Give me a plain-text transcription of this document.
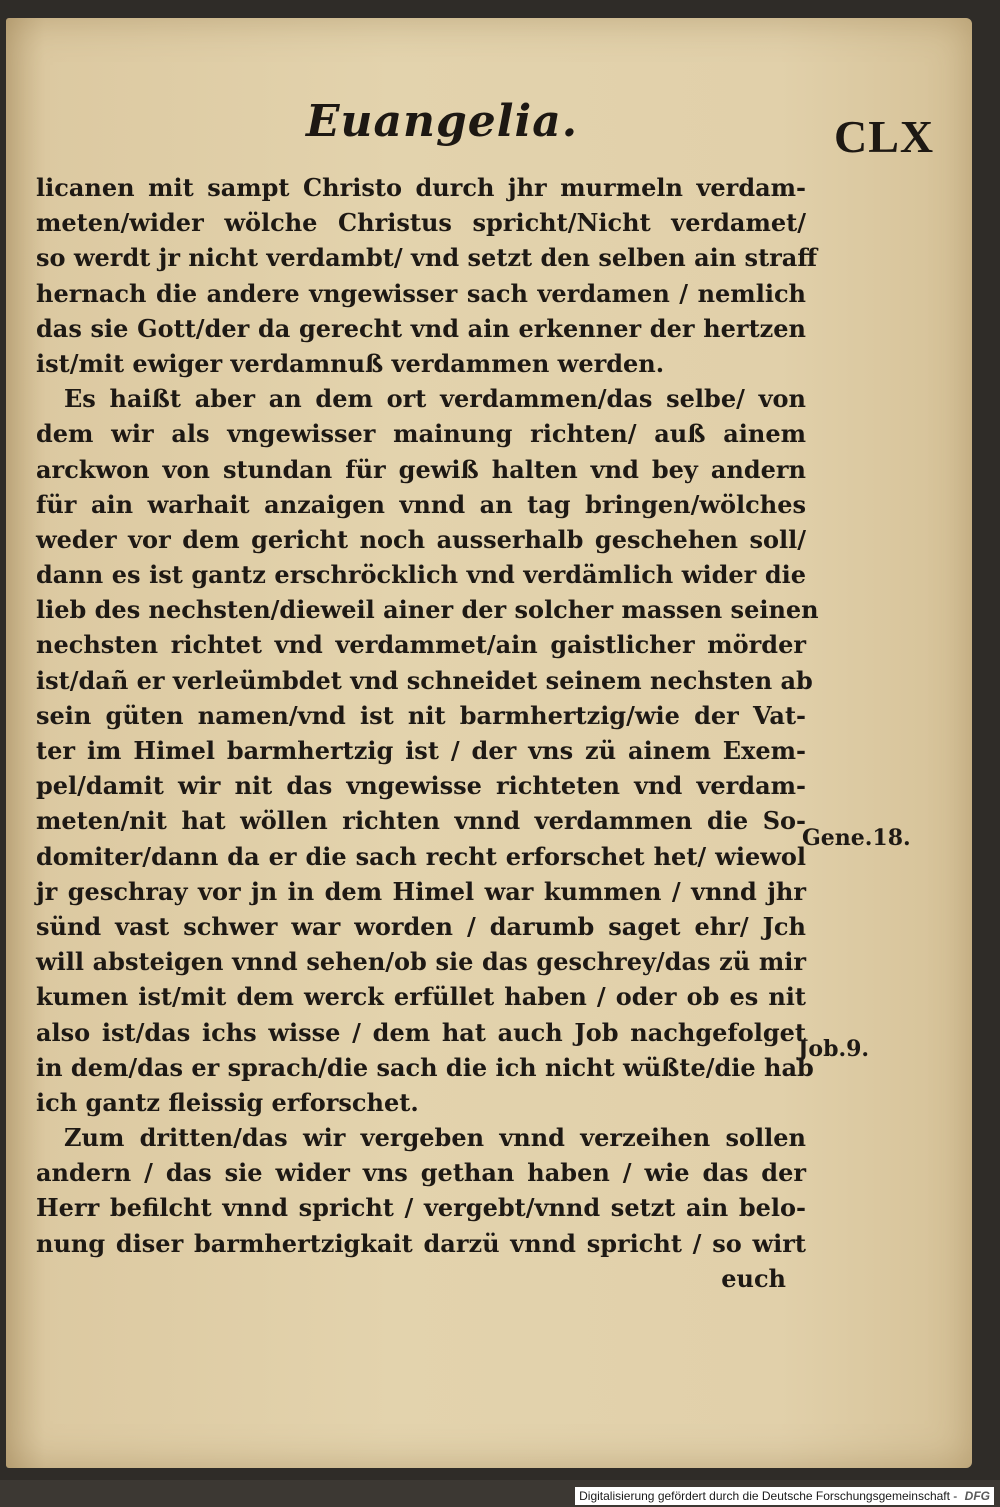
Euangelia.	CLX
licanen mit sampt Christo durch jhr murmeln verdam-
meten/wider wölche Christus spricht/Nicht verdamet/
so werdt jr nicht verdambt/ vnd setzt den selben ain straff
hernach die andere vngewisser sach verdamen / nemlich
das sie Gott/der da gerecht vnd ain erkenner der hertzen
ist/mit ewiger verdamnuß verdammen werden.
Es haißt aber an dem ort verdammen/das selbe/ von
dem wir als vngewisser mainung richten/ auß ainem
arckwon von stundan für gewiß halten vnd bey andern
für ain warhait anzaigen vnnd an tag bringen/wölches
weder vor dem gericht noch ausserhalb geschehen soll/
dann es ist gantz erschröcklich vnd verdämlich wider die
lieb des nechsten/dieweil ainer der solcher massen seinen
nechsten richtet vnd verdammet/ain gaistlicher mörder
ist/dañ er verleümbdet vnd schneidet seinem nechsten ab
sein güten namen/vnd ist nit barmhertzig/wie der Vat-
ter im Himel barmhertzig ist / der vns zü ainem Exem-
pel/damit wir nit das vngewisse richteten vnd verdam-
meten/nit hat wöllen richten vnnd verdammen die So-
domiter/dann da er die sach recht erforschet het/ wiewol
jr geschray vor jn in dem Himel war kummen / vnnd jhr
sünd vast schwer war worden / darumb saget ehr/ Jch
will absteigen vnnd sehen/ob sie das geschrey/das zü mir
kumen ist/mit dem werck erfüllet haben / oder ob es nit
also ist/das ichs wisse / dem hat auch Job nachgefolget
in dem/das er sprach/die sach die ich nicht wüßte/die hab
ich gantz fleissig erforschet.
Zum dritten/das wir vergeben vnnd verzeihen sollen
andern / das sie wider vns gethan haben / wie das der
Herr befilcht vnnd spricht / vergebt/vnnd setzt ain belo-
nung diser barmhertzigkait darzü vnnd spricht / so wirt
euch
Gene.18.
Job.9.
Digitalisierung gefördert durch die Deutsche Forschungsgemeinschaft - DFG
